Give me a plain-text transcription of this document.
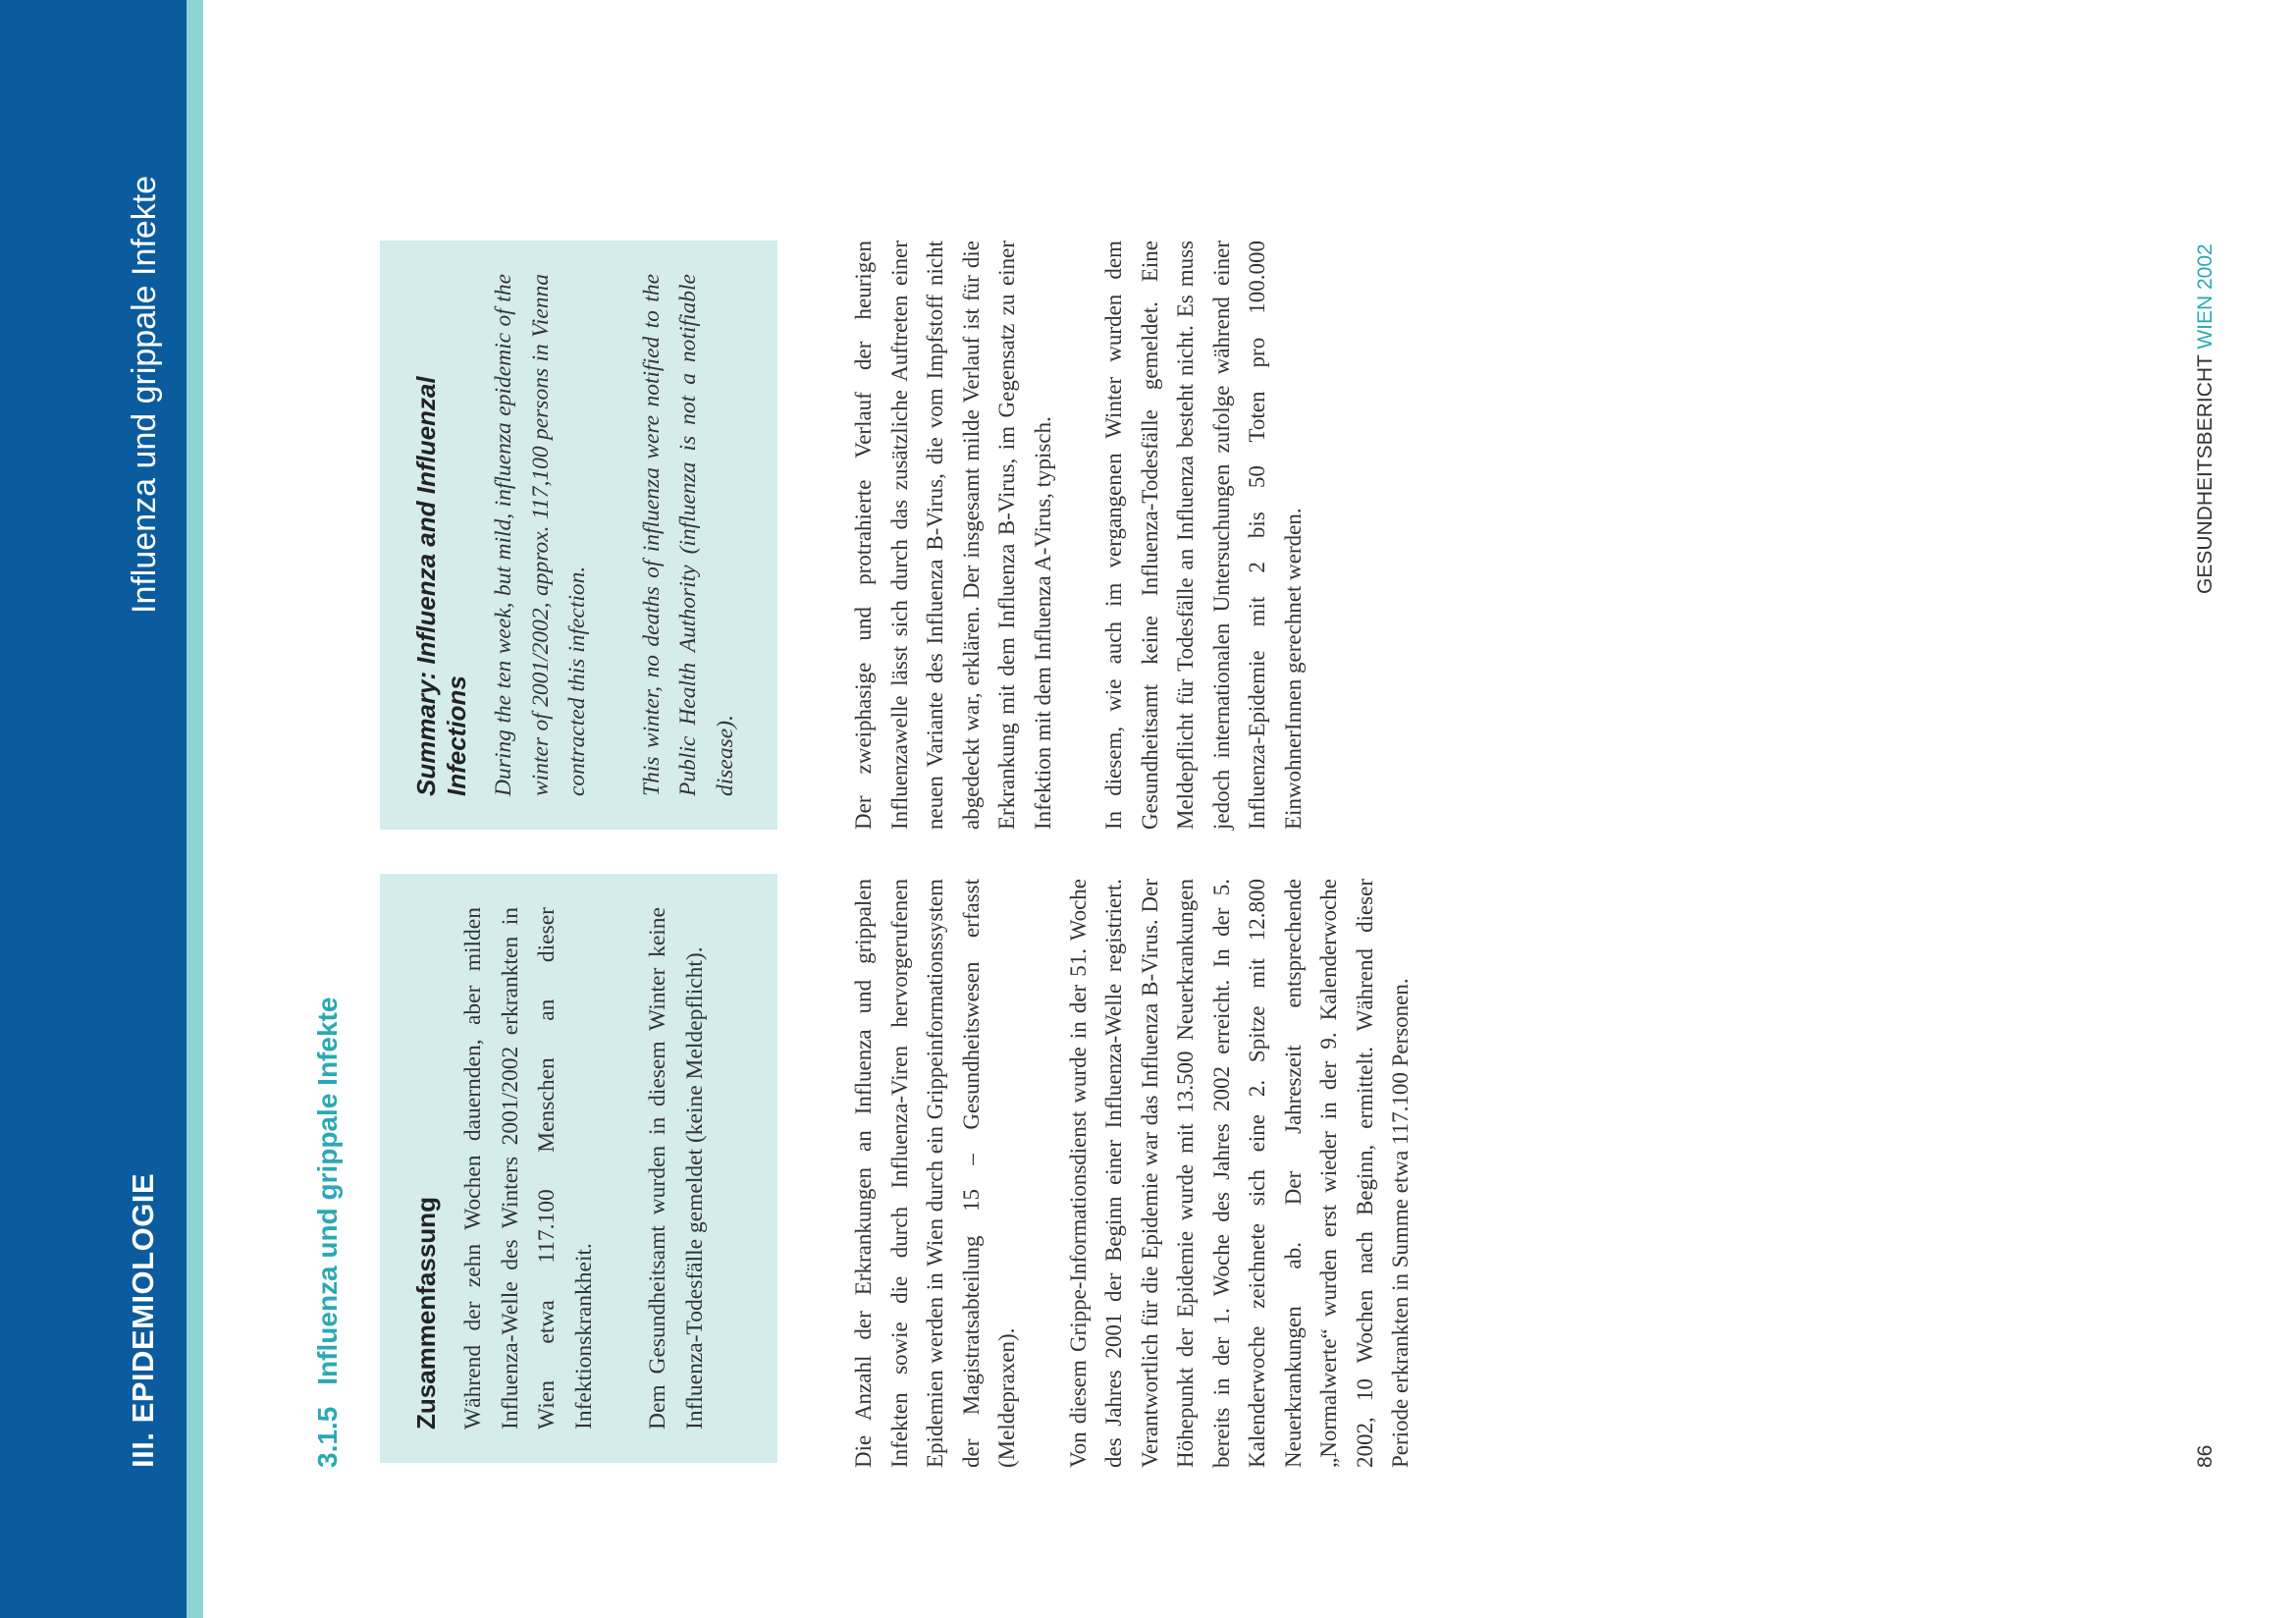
III. EPIDEMIOLOGIE
Influenza und grippale Infekte
3.1.5Influenza und grippale Infekte	Zusammenfassung Während der zehn Wochen dauernden, aber milden Influenza-Welle des Winters 2001/2002 erkrankten in Wien etwa 117.100 Menschen an dieser Infektionskrankheit. Dem Gesundheitsamt wurden in diesem Winter keine Influenza-Todesfälle gemeldet (keine Meldepflicht).

Summary: Influenza and Influenzal Infections During the ten week, but mild, influenza epidemic of the winter of 2001/2002, approx. 117,100 persons in Vienna contracted this infection. This winter, no deaths of influenza were notified to the Public Health Authority (influenza is not a notifiable disease).

Die Anzahl der Erkrankungen an Influenza und grippalen Infekten sowie die durch Influenza-Viren hervorgerufenen Epidemien werden in Wien durch ein Grippeinformationssystem der Magistratsabteilung 15 – Gesundheitswesen erfasst (Meldepraxen). Von diesem Grippe-Informationsdienst wurde in der 51. Woche des Jahres 2001 der Beginn einer Influenza-Welle registriert. Verantwortlich für die Epidemie war das Influenza B-Virus. Der Höhepunkt der Epidemie wurde mit 13.500 Neuerkrankungen bereits in der 1. Woche des Jahres 2002 erreicht. In der 5. Kalenderwoche zeichnete sich eine 2. Spitze mit 12.800 Neuerkrankungen ab. Der Jahreszeit entsprechende „Normalwerte“ wurden erst wieder in der 9. Kalenderwoche 2002, 10 Wochen nach Beginn, ermittelt. Während dieser Periode erkrankten in Summe etwa 117.100 Personen.

Der zweiphasige und protrahierte Verlauf der heurigen Influenzawelle lässt sich durch das zusätzliche Auftreten einer neuen Variante des Influenza B-Virus, die vom Impfstoff nicht abgedeckt war, erklären. Der insgesamt milde Verlauf ist für die Erkrankung mit dem Influenza B-Virus, im Gegensatz zu einer Infektion mit dem Influenza A-Virus, typisch. In diesem, wie auch im vergangenen Winter wurden dem Gesundheitsamt keine Influenza-Todesfälle gemeldet. Eine Meldepflicht für Todesfälle an Influenza besteht nicht. Es muss jedoch internationalen Untersuchungen zufolge während einer Influenza-Epidemie mit 2 bis 50 Toten pro 100.000 EinwohnerInnen gerechnet werden.

GESUNDHEITSBERICHT WIEN 2002
86
